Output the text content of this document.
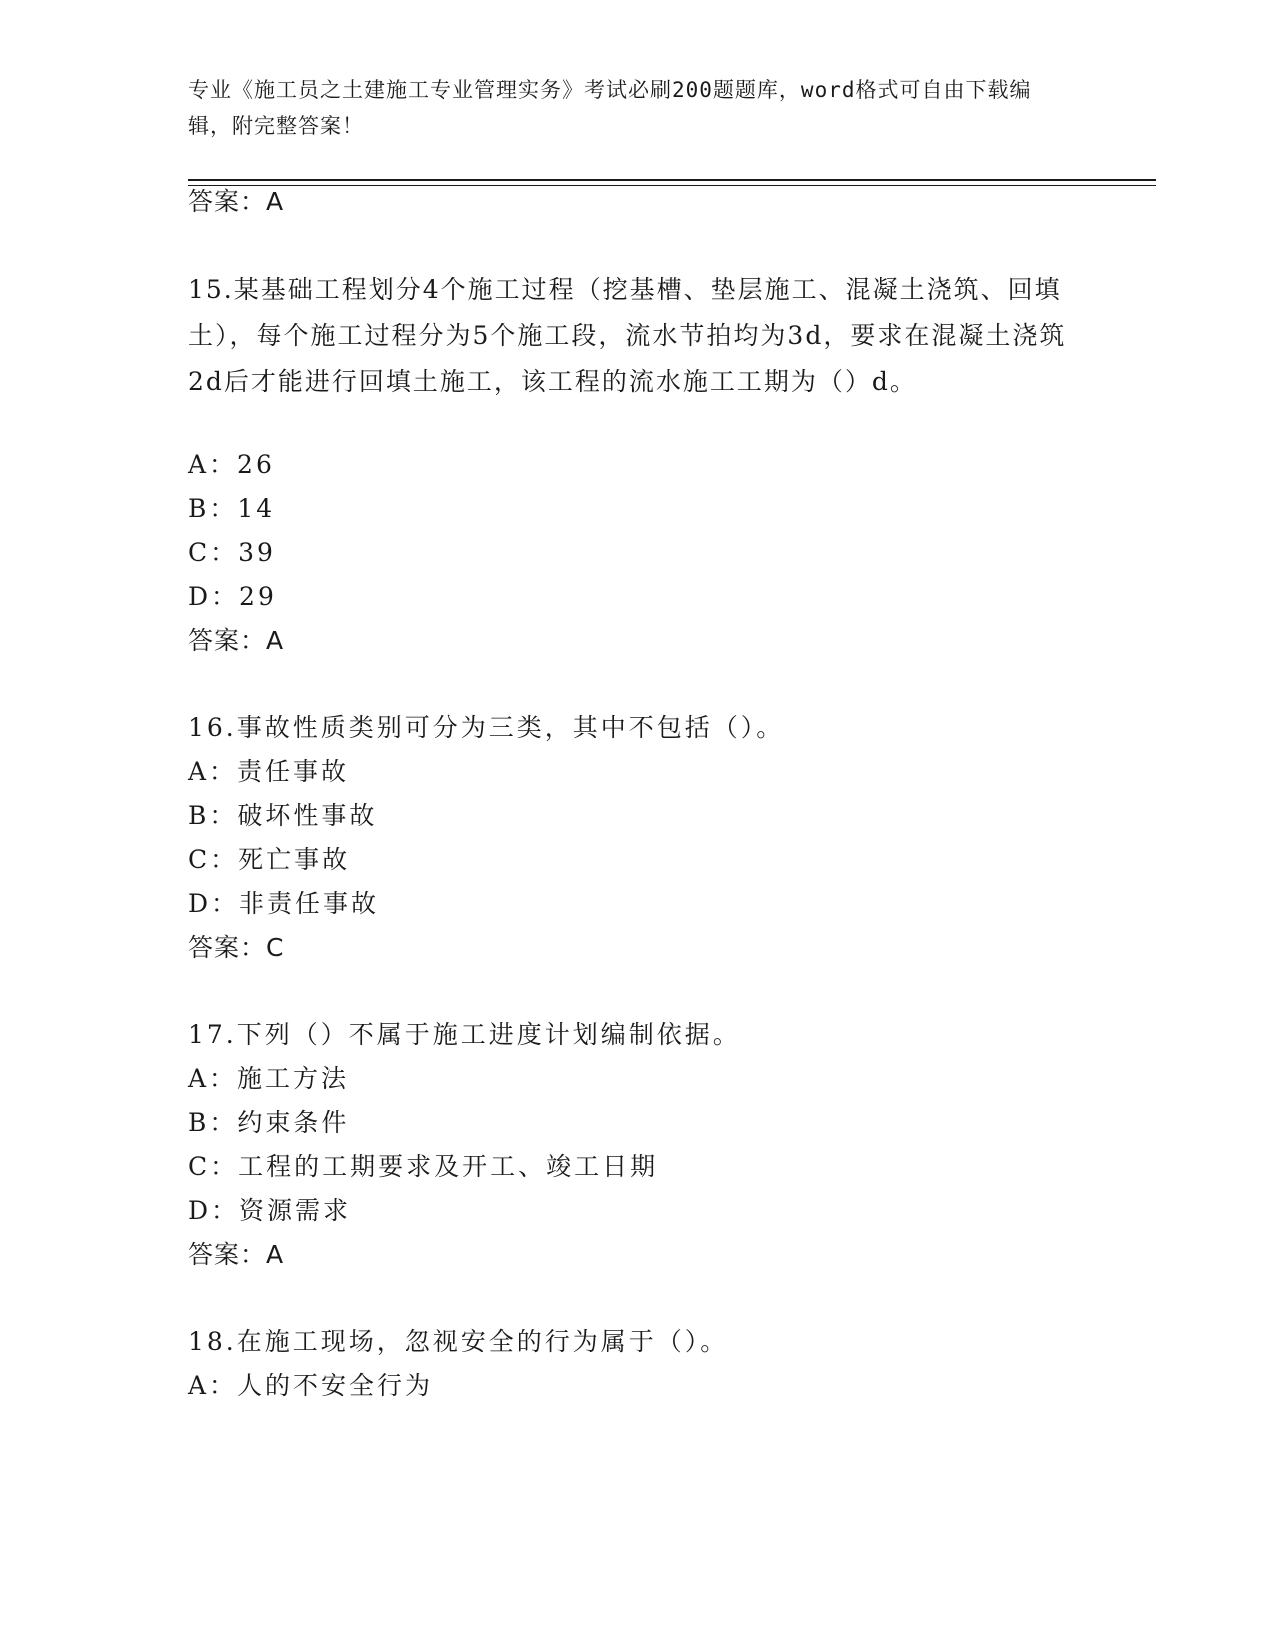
专业《施工员之土建施工专业管理实务》考试必刷200题题库，word格式可自由下载编辑，附完整答案！

答案：A

15.某基础工程划分4个施工过程（挖基槽、垫层施工、混凝土浇筑、回填土），每个施工过程分为5个施工段，流水节拍均为3d，要求在混凝土浇筑2d后才能进行回填土施工，该工程的流水施工工期为（）d。

A：26

B：14

C：39

D：29

答案：A

16.事故性质类别可分为三类，其中不包括（）。

A：责任事故

B：破坏性事故

C：死亡事故

D：非责任事故

答案：C

17.下列（）不属于施工进度计划编制依据。

A：施工方法

B：约束条件

C：工程的工期要求及开工、竣工日期

D：资源需求

答案：A

18.在施工现场，忽视安全的行为属于（）。

A：人的不安全行为
